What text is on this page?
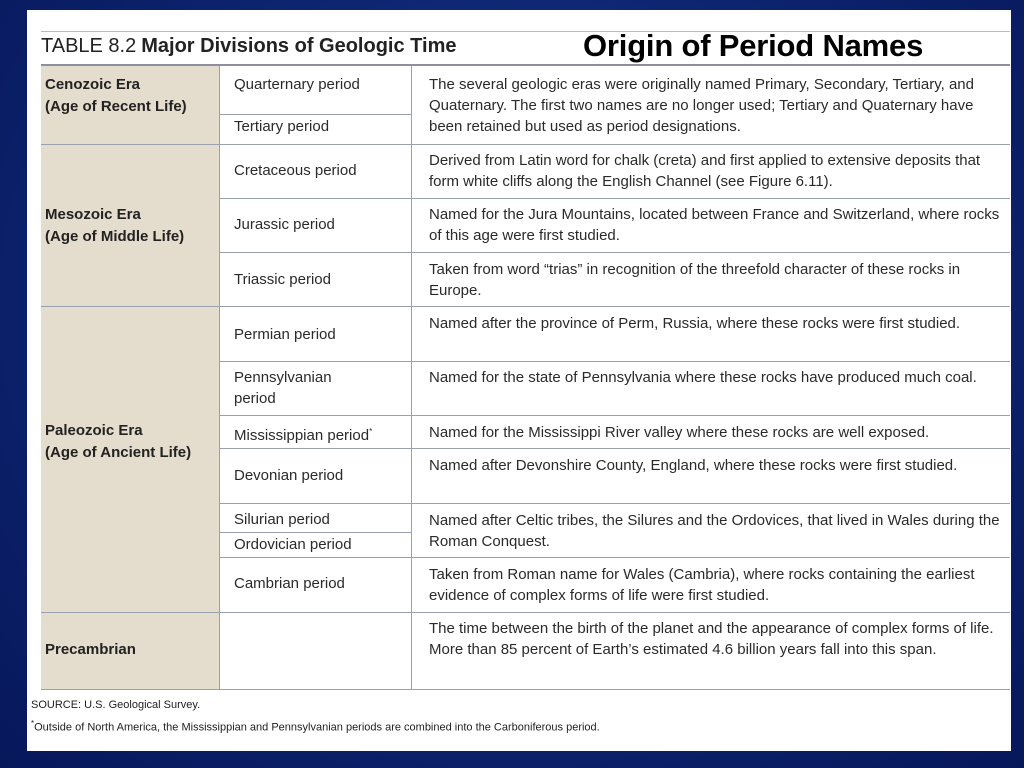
TABLE 8.2 Major Divisions of Geologic Time	Origin of Period Names
Cenozoic Era
(Age of Recent Life)
Mesozoic Era
(Age of Middle Life)
Paleozoic Era
(Age of Ancient Life)
Precambrian
Quarternary period
Tertiary period
Cretaceous period
Jurassic period
Triassic period
Permian period
Pennsylvanian period
Mississippian period*
Devonian period
Silurian period
Ordovician period
Cambrian period
The several geologic eras were originally named Primary, Secondary, Tertiary, and Quaternary. The first two names are no longer used; Tertiary and Quaternary have been retained but used as period designations.
Derived from Latin word for chalk (creta) and first applied to extensive deposits that form white cliffs along the English Channel (see Figure 6.11).
Named for the Jura Mountains, located between France and Switzerland, where rocks of this age were first studied.
Taken from word “trias” in recognition of the threefold character of these rocks in Europe.
Named after the province of Perm, Russia, where these rocks were first studied.
Named for the state of Pennsylvania where these rocks have produced much coal.
Named for the Mississippi River valley where these rocks are well exposed.
Named after Devonshire County, England, where these rocks were first studied.
Named after Celtic tribes, the Silures and the Ordovices, that lived in Wales during the Roman Conquest.
Taken from Roman name for Wales (Cambria), where rocks containing the earliest evidence of complex forms of life were first studied.
The time between the birth of the planet and the appearance of complex forms of life. More than 85 percent of Earth’s estimated 4.6 billion years fall into this span.
SOURCE: U.S. Geological Survey.
*Outside of North America, the Mississippian and Pennsylvanian periods are combined into the Carboniferous period.
